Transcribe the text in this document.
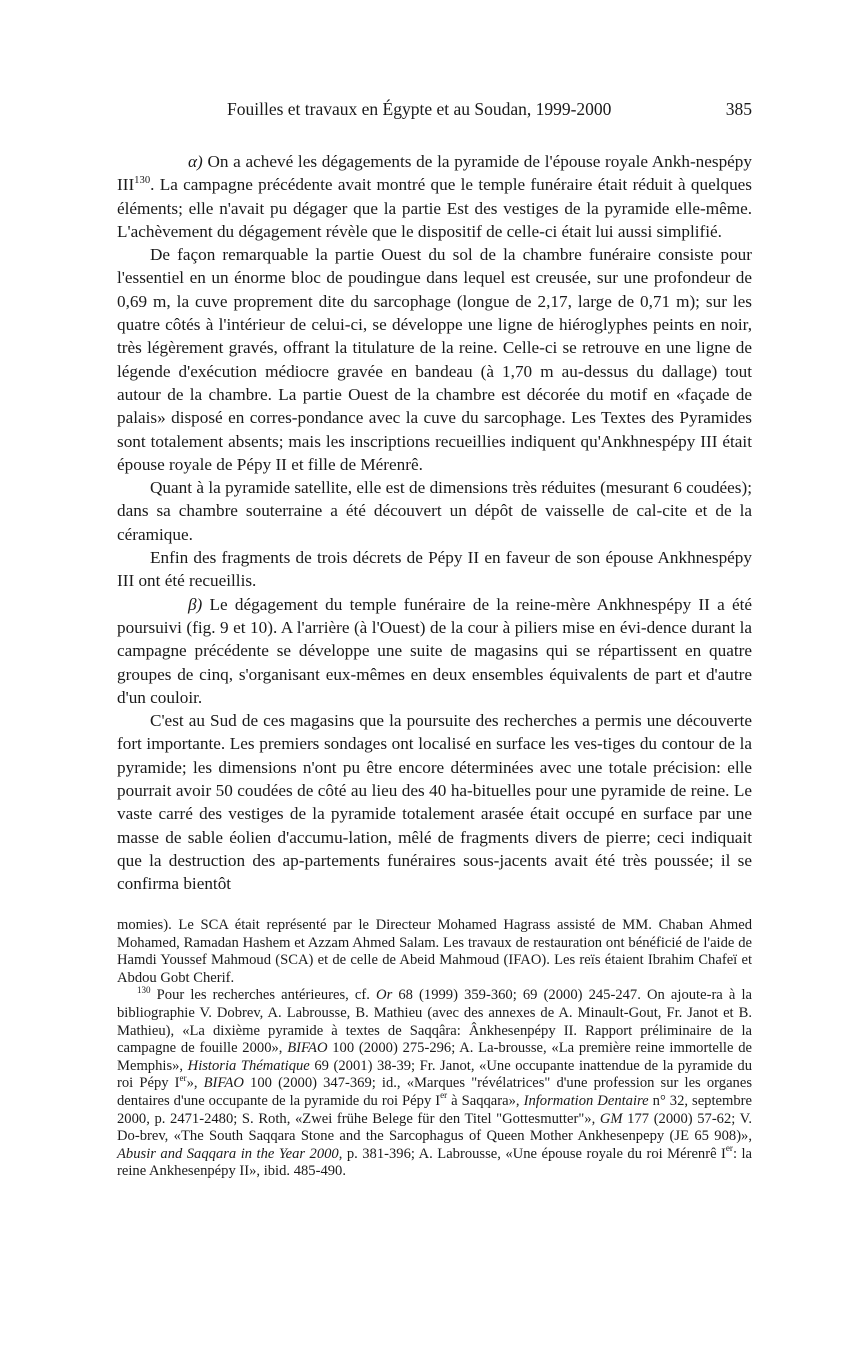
Fouilles et travaux en Égypte et au Soudan, 1999-2000	385

α) On a achevé les dégagements de la pyramide de l'épouse royale Ankh-nespépy III$^{130}$. La campagne précédente avait montré que le temple funéraire était réduit à quelques éléments; elle n'avait pu dégager que la partie Est des vestiges de la pyramide elle-même. L'achèvement du dégagement révèle que le dispositif de celle-ci était lui aussi simplifié.

De façon remarquable la partie Ouest du sol de la chambre funéraire consiste pour l'essentiel en un énorme bloc de poudingue dans lequel est creusée, sur une profondeur de 0,69 m, la cuve proprement dite du sarcophage (longue de 2,17, large de 0,71 m); sur les quatre côtés à l'intérieur de celui-ci, se développe une ligne de hiéroglyphes peints en noir, très légèrement gravés, offrant la titulature de la reine. Celle-ci se retrouve en une ligne de légende d'exécution médiocre gravée en bandeau (à 1,70 m au-dessus du dallage) tout autour de la chambre. La partie Ouest de la chambre est décorée du motif en «façade de palais» disposé en corres-pondance avec la cuve du sarcophage. Les Textes des Pyramides sont totalement absents; mais les inscriptions recueillies indiquent qu'Ankhnespépy III était épouse royale de Pépy II et fille de Mérenrê.

Quant à la pyramide satellite, elle est de dimensions très réduites (mesurant 6 coudées); dans sa chambre souterraine a été découvert un dépôt de vaisselle de cal-cite et de la céramique.

Enfin des fragments de trois décrets de Pépy II en faveur de son épouse Ankhnespépy III ont été recueillis.

β) Le dégagement du temple funéraire de la reine-mère Ankhnespépy II a été poursuivi (fig. 9 et 10). A l'arrière (à l'Ouest) de la cour à piliers mise en évi-dence durant la campagne précédente se développe une suite de magasins qui se répartissent en quatre groupes de cinq, s'organisant eux-mêmes en deux ensembles équivalents de part et d'autre d'un couloir.

C'est au Sud de ces magasins que la poursuite des recherches a permis une découverte fort importante. Les premiers sondages ont localisé en surface les ves-tiges du contour de la pyramide; les dimensions n'ont pu être encore déterminées avec une totale précision: elle pourrait avoir 50 coudées de côté au lieu des 40 ha-bituelles pour une pyramide de reine. Le vaste carré des vestiges de la pyramide totalement arasée était occupé en surface par une masse de sable éolien d'accumu-lation, mêlé de fragments divers de pierre; ceci indiquait que la destruction des ap-partements funéraires sous-jacents avait été très poussée; il se confirma bientôt

momies). Le SCA était représenté par le Directeur Mohamed Hagrass assisté de MM. Chaban Ahmed Mohamed, Ramadan Hashem et Azzam Ahmed Salam. Les travaux de restauration ont bénéficié de l'aide de Hamdi Youssef Mahmoud (SCA) et de celle de Abeid Mahmoud (IFAO). Les reïs étaient Ibrahim Chafeï et Abdou Gobt Cherif.

$^{130}$ Pour les recherches antérieures, cf. Or 68 (1999) 359-360; 69 (2000) 245-247. On ajoute-ra à la bibliographie V. Dobrev, A. Labrousse, B. Mathieu (avec des annexes de A. Minault-Gout, Fr. Janot et B. Mathieu), «La dixième pyramide à textes de Saqqâra: Ânkhesenpépy II. Rapport préliminaire de la campagne de fouille 2000», BIFAO 100 (2000) 275-296; A. La-brousse, «La première reine immortelle de Memphis», Historia Thématique 69 (2001) 38-39; Fr. Janot, «Une occupante inattendue de la pyramide du roi Pépy Ier», BIFAO 100 (2000) 347-369; id., «Marques "révélatrices" d'une profession sur les organes dentaires d'une occupante de la pyramide du roi Pépy Ier à Saqqara», Information Dentaire n° 32, septembre 2000, p. 2471-2480; S. Roth, «Zwei frühe Belege für den Titel "Gottesmutter"», GM 177 (2000) 57-62; V. Do-brev, «The South Saqqara Stone and the Sarcophagus of Queen Mother Ankhesenpepy (JE 65 908)», Abusir and Saqqara in the Year 2000, p. 381-396; A. Labrousse, «Une épouse royale du roi Mérenrê Ier: la reine Ankhesenpépy II», ibid. 485-490.
